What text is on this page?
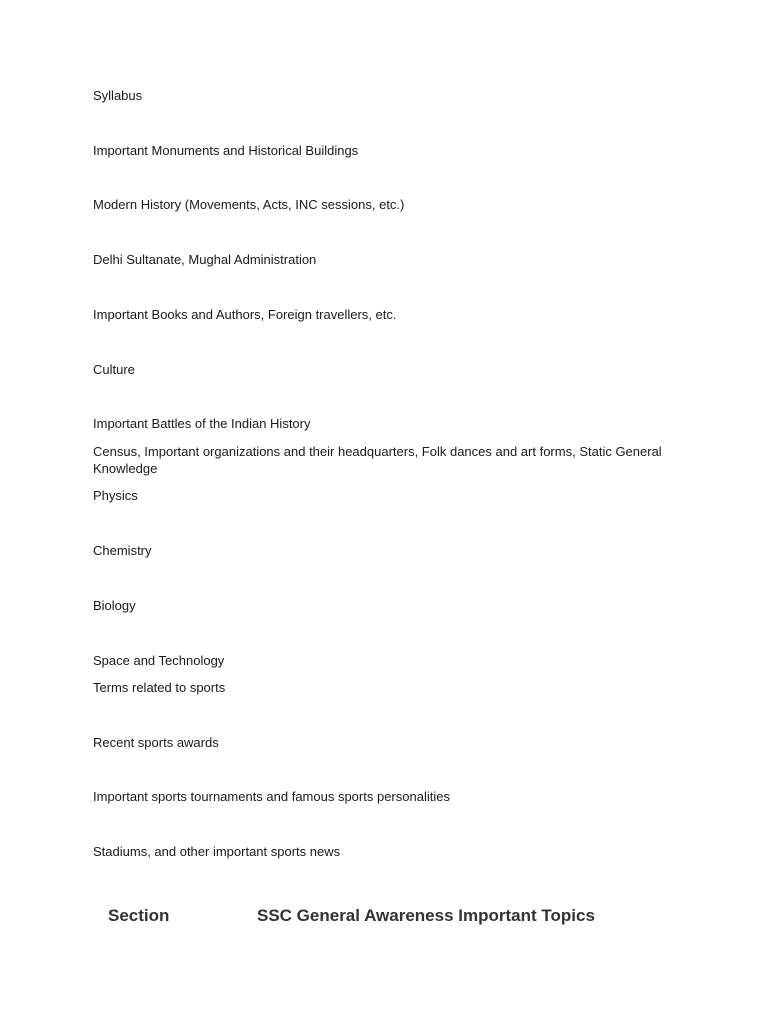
Syllabus
Important Monuments and Historical Buildings
Modern History (Movements, Acts, INC sessions, etc.)
Delhi Sultanate, Mughal Administration
Important Books and Authors, Foreign travellers, etc.
Culture
Important Battles of the Indian History
Census, Important organizations and their headquarters, Folk dances and art forms, Static General Knowledge
Physics
Chemistry
Biology
Space and Technology
Terms related to sports
Recent sports awards
Important sports tournaments and famous sports personalities
Stadiums, and other important sports news
Section	SSC General Awareness Important Topics
